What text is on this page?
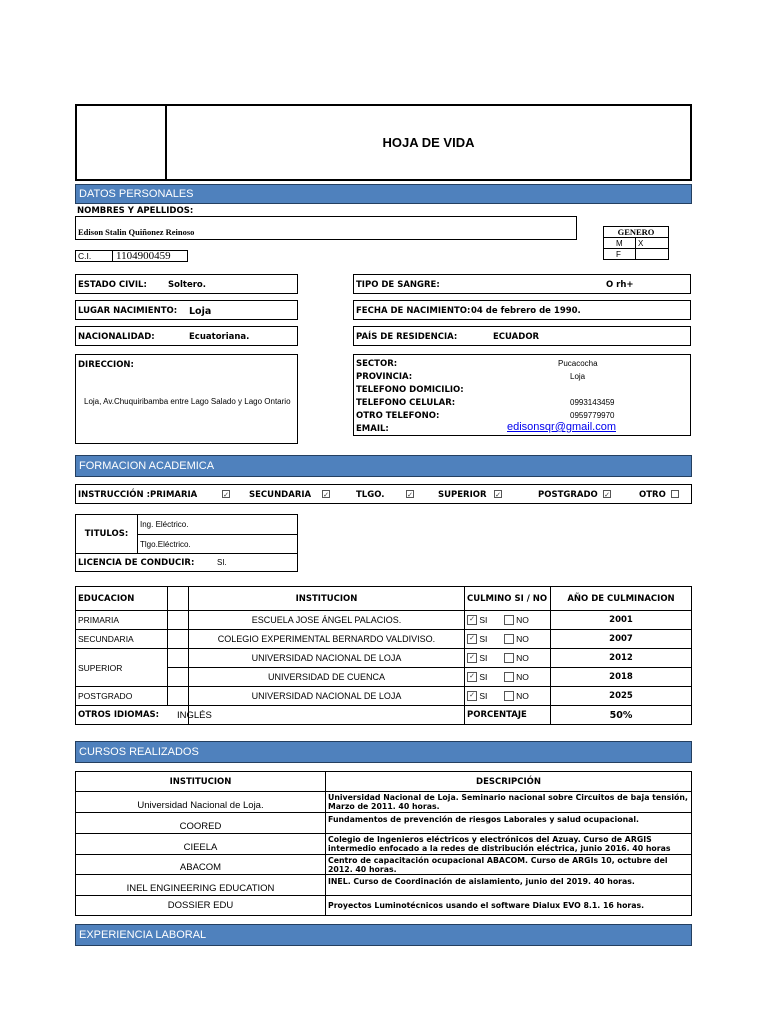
HOJA DE VIDA
DATOS PERSONALES
NOMBRES Y APELLIDOS:
Edison Stalin Quiñonez Reinoso	GENERO
M	X
F
C.I.	1104900459
ESTADO CIVIL: Soltero.	TIPO DE SANGRE:	O rh+
LUGAR NACIMIENTO: Loja	FECHA DE NACIMIENTO: 04 de febrero de 1990.
NACIONALIDAD:	Ecuatoriana.	PAÍS DE RESIDENCIA:	ECUADOR
DIRECCION:
Loja, Av.Chuquiribamba entre Lago Salado y Lago Ontario
SECTOR:	Pucacocha
PROVINCIA:	Loja
TELEFONO DOMICILIO:
TELEFONO CELULAR:	0993143459
OTRO TELEFONO:	0959779970
EMAIL:	edisonsqr@gmail.com
FORMACION ACADEMICA
INSTRUCCIÓN : PRIMARIA	✓ SECUNDARIA ✓	TLGO.	✓	SUPERIOR ✓	POSTGRADO ✓	OTRO
TITULOS:
Ing. Eléctrico.
Tlgo.Eléctrico.
LICENCIA DE CONDUCIR:	SI.
EDUCACION		INSTITUCION	CULMINO SI / NO	AÑO DE CULMINACION
PRIMARIA		ESCUELA JOSE ÁNGEL PALACIOS.	✓ SI NO	2001
SECUNDARIA		COLEGIO EXPERIMENTAL BERNARDO VALDIVISO.	✓ SI NO	2007
SUPERIOR		UNIVERSIDAD NACIONAL DE LOJA	✓ SI NO	2012
		UNIVERSIDAD DE CUENCA	✓ SI NO	2018
POSTGRADO		UNIVERSIDAD NACIONAL DE LOJA	✓ SI NO	2025
OTROS IDIOMAS:		INGLÉS	PORCENTAJE	50%
CURSOS REALIZADOS
INSTITUCION	DESCRIPCIÓN
Universidad Nacional de Loja.	Universidad Nacional de Loja. Seminario nacional sobre Circuitos de baja tensión, Marzo de 2011. 40 horas.
COORED	Fundamentos de prevención de riesgos Laborales y salud ocupacional.
CIEELA	Colegio de Ingenieros eléctricos y electrónicos del Azuay. Curso de ARGIS intermedio enfocado a la redes de distribución eléctrica, junio 2016. 40 horas
ABACOM	Centro de capacitación ocupacional ABACOM. Curso de ARGIs 10, octubre del 2012. 40 horas.
INEL ENGINEERING EDUCATION	INEL. Curso de Coordinación de aislamiento, junio del 2019. 40 horas.
DOSSIER EDU	Proyectos Luminotécnicos usando el software Dialux EVO 8.1. 16 horas.
EXPERIENCIA LABORAL
